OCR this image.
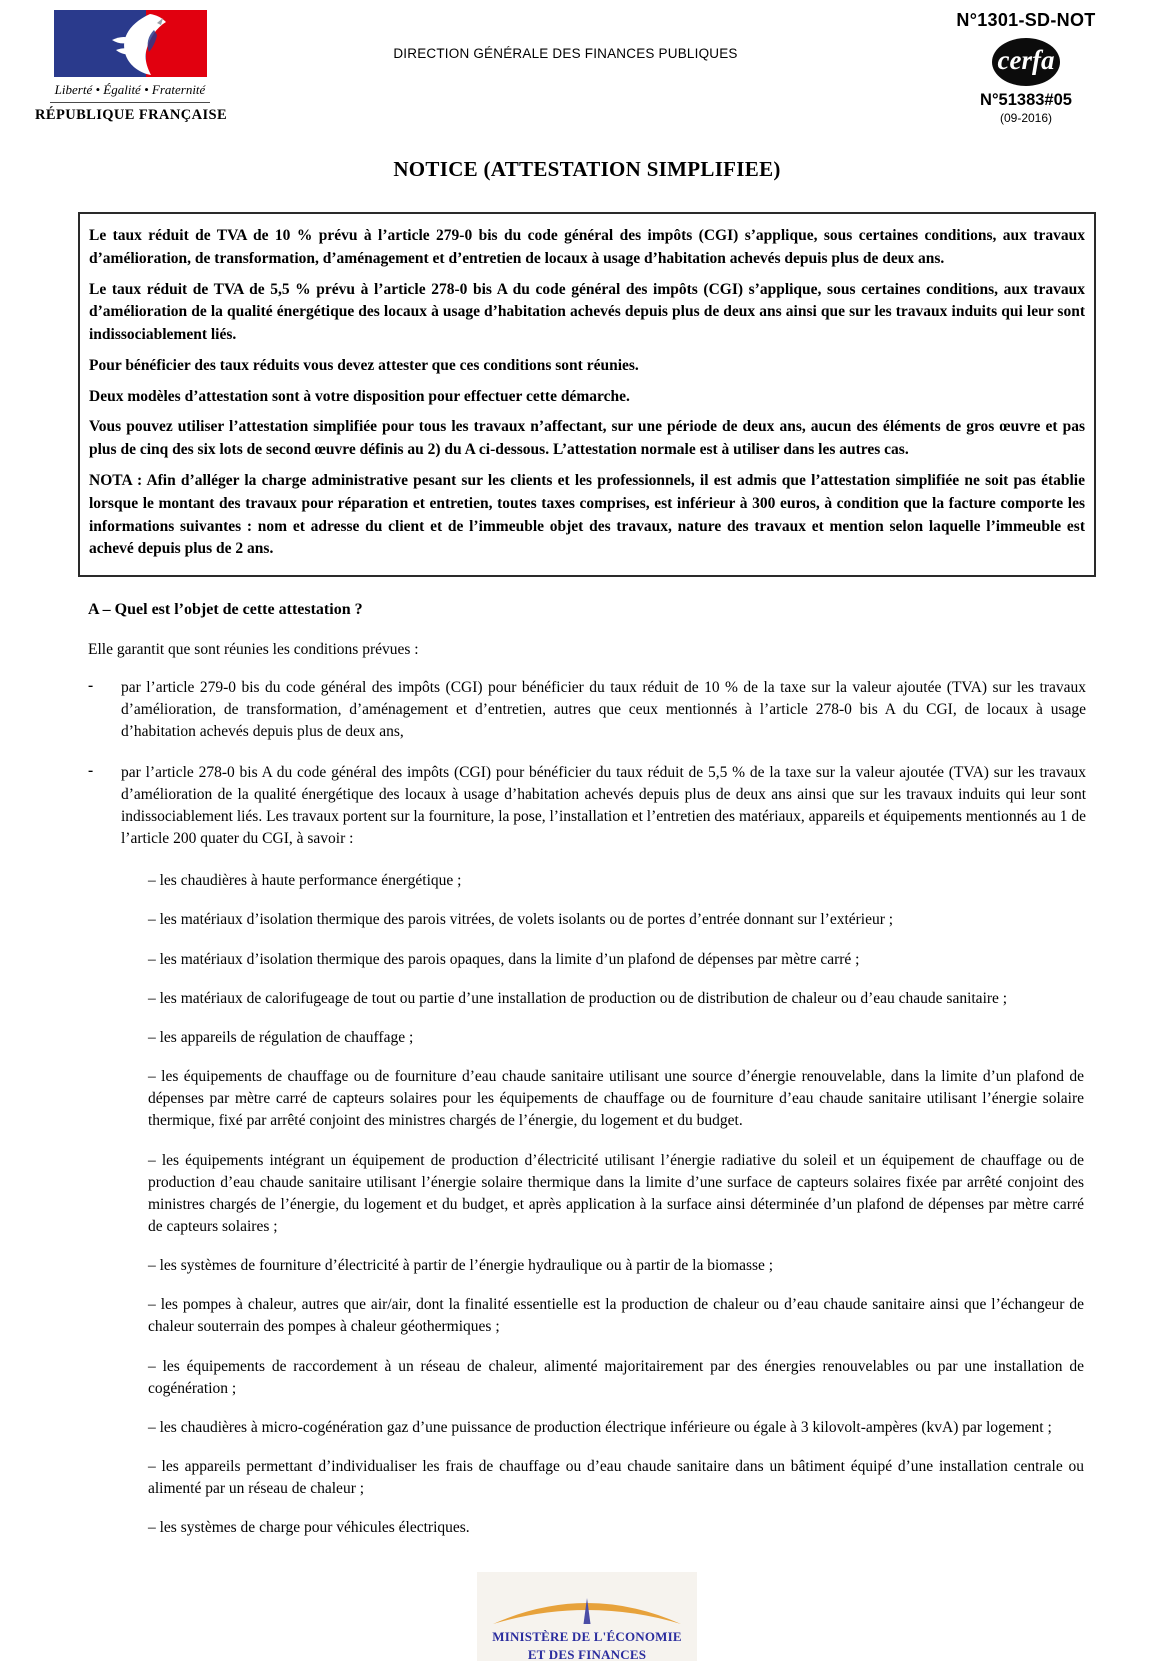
Liberté • Égalité • Fraternité
RÉPUBLIQUE FRANÇAISE
DIRECTION GÉNÉRALE DES FINANCES PUBLIQUES
N°1301-SD-NOT
cerfa
N°51383#05
(09-2016)
NOTICE (ATTESTATION SIMPLIFIEE)

Le taux réduit de TVA de 10 % prévu à l’article 279-0 bis du code général des impôts (CGI) s’applique, sous certaines conditions, aux travaux d’amélioration, de transformation, d’aménagement et d’entretien de locaux à usage d’habitation achevés depuis plus de deux ans.

Le taux réduit de TVA de 5,5 % prévu à l’article 278-0 bis A du code général des impôts (CGI) s’applique, sous certaines conditions, aux travaux d’amélioration de la qualité énergétique des locaux à usage d’habitation achevés depuis plus de deux ans ainsi que sur les travaux induits qui leur sont indissociablement liés.

Pour bénéficier des taux réduits vous devez attester que ces conditions sont réunies.

Deux modèles d’attestation sont à votre disposition pour effectuer cette démarche.

Vous pouvez utiliser l’attestation simplifiée pour tous les travaux n’affectant, sur une période de deux ans, aucun des éléments de gros œuvre et pas plus de cinq des six lots de second œuvre définis au 2) du A ci-dessous. L’attestation normale est à utiliser dans les autres cas.

NOTA : Afin d’alléger la charge administrative pesant sur les clients et les professionnels, il est admis que l’attestation simplifiée ne soit pas établie lorsque le montant des travaux pour réparation et entretien, toutes taxes comprises, est inférieur à 300 euros, à condition que la facture comporte les informations suivantes : nom et adresse du client et de l’immeuble objet des travaux, nature des travaux et mention selon laquelle l’immeuble est achevé depuis plus de 2 ans.

A – Quel est l’objet de cette attestation ?

Elle garantit que sont réunies les conditions prévues :

-	par l’article 279-0 bis du code général des impôts (CGI) pour bénéficier du taux réduit de 10 % de la taxe sur la valeur ajoutée (TVA) sur les travaux d’amélioration, de transformation, d’aménagement et d’entretien, autres que ceux mentionnés à l’article 278-0 bis A du CGI, de locaux à usage d’habitation achevés depuis plus de deux ans,

-	par l’article 278-0 bis A du code général des impôts (CGI) pour bénéficier du taux réduit de 5,5 % de la taxe sur la valeur ajoutée (TVA) sur les travaux d’amélioration de la qualité énergétique des locaux à usage d’habitation achevés depuis plus de deux ans ainsi que sur les travaux induits qui leur sont indissociablement liés. Les travaux portent sur la fourniture, la pose, l’installation et l’entretien des matériaux, appareils et équipements mentionnés au 1 de l’article 200 quater du CGI, à savoir :

– les chaudières à haute performance énergétique ;

– les matériaux d’isolation thermique des parois vitrées, de volets isolants ou de portes d’entrée donnant sur l’extérieur ;

– les matériaux d’isolation thermique des parois opaques, dans la limite d’un plafond de dépenses par mètre carré ;

– les matériaux de calorifugeage de tout ou partie d’une installation de production ou de distribution de chaleur ou d’eau chaude sanitaire ;

– les appareils de régulation de chauffage ;

– les équipements de chauffage ou de fourniture d’eau chaude sanitaire utilisant une source d’énergie renouvelable, dans la limite d’un plafond de dépenses par mètre carré de capteurs solaires pour les équipements de chauffage ou de fourniture d’eau chaude sanitaire utilisant l’énergie solaire thermique, fixé par arrêté conjoint des ministres chargés de l’énergie, du logement et du budget.

– les équipements intégrant un équipement de production d’électricité utilisant l’énergie radiative du soleil et un équipement de chauffage ou de production d’eau chaude sanitaire utilisant l’énergie solaire thermique dans la limite d’une surface de capteurs solaires fixée par arrêté conjoint des ministres chargés de l’énergie, du logement et du budget, et après application à la surface ainsi déterminée d’un plafond de dépenses par mètre carré de capteurs solaires ;

– les systèmes de fourniture d’électricité à partir de l’énergie hydraulique ou à partir de la biomasse ;

– les pompes à chaleur, autres que air/air, dont la finalité essentielle est la production de chaleur ou d’eau chaude sanitaire ainsi que l’échangeur de chaleur souterrain des pompes à chaleur géothermiques ;

– les équipements de raccordement à un réseau de chaleur, alimenté majoritairement par des énergies renouvelables ou par une installation de cogénération ;

– les chaudières à micro-cogénération gaz d’une puissance de production électrique inférieure ou égale à 3 kilovolt-ampères (kvA) par logement ;

– les appareils permettant d’individualiser les frais de chauffage ou d’eau chaude sanitaire dans un bâtiment équipé d’une installation centrale ou alimenté par un réseau de chaleur ;

– les systèmes de charge pour véhicules électriques.

MINISTÈRE DE L'ÉCONOMIE
ET DES FINANCES
